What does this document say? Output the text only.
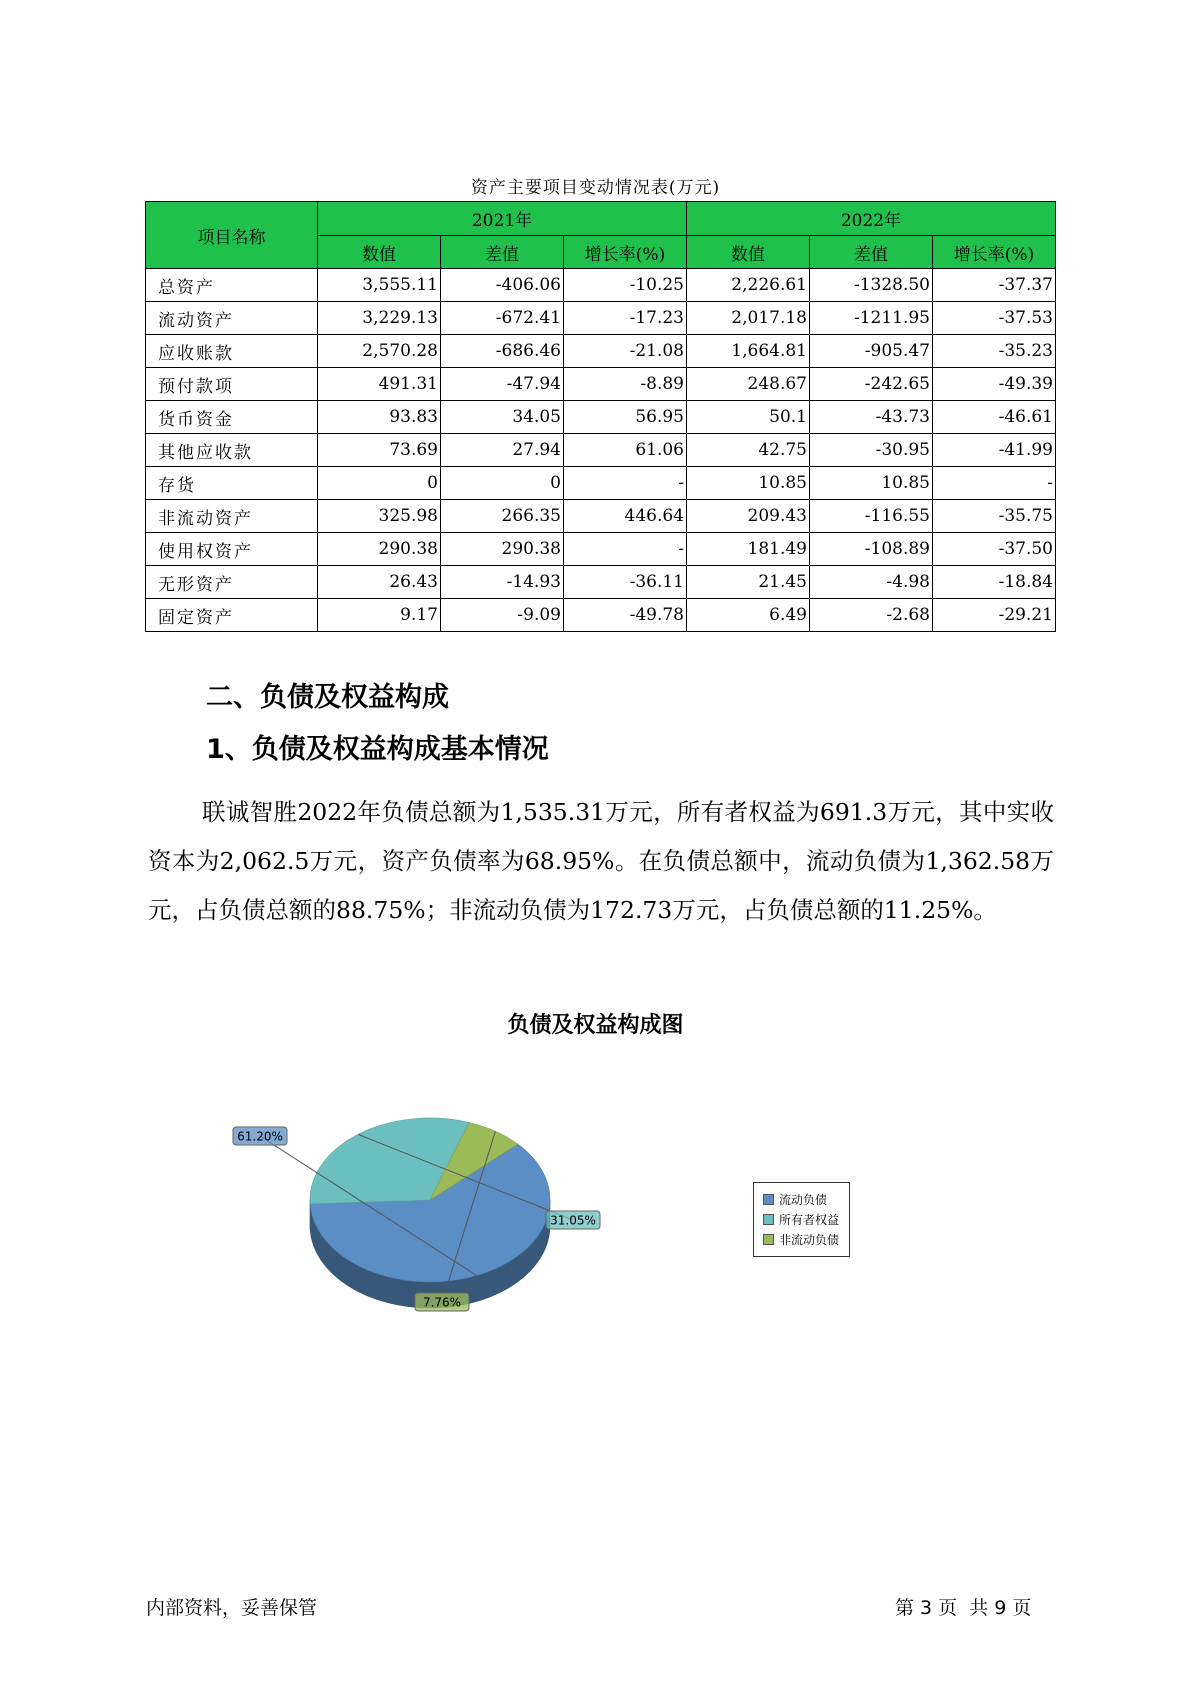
资产主要项目变动情况表(万元)
项目名称	2021年			2022年		
	数值	差值	增长率(%)	数值	差值	增长率(%)
总资产	3,555.11	-406.06	-10.25	2,226.61	-1328.50	-37.37
流动资产	3,229.13	-672.41	-17.23	2,017.18	-1211.95	-37.53
应收账款	2,570.28	-686.46	-21.08	1,664.81	-905.47	-35.23
预付款项	491.31	-47.94	-8.89	248.67	-242.65	-49.39
货币资金	93.83	34.05	56.95	50.1	-43.73	-46.61
其他应收款	73.69	27.94	61.06	42.75	-30.95	-41.99
存货	0	0	-	10.85	10.85	-
非流动资产	325.98	266.35	446.64	209.43	-116.55	-35.75
使用权资产	290.38	290.38	-	181.49	-108.89	-37.50
无形资产	26.43	-14.93	-36.11	21.45	-4.98	-18.84
固定资产	9.17	-9.09	-49.78	6.49	-2.68	-29.21
二、负债及权益构成
1、负债及权益构成基本情况
联诚智胜2022年负债总额为1,535.31万元，所有者权益为691.3万元，其中实收资本为2,062.5万元，资产负债率为68.95%。在负债总额中，流动负债为1,362.58万元，占负债总额的88.75%；非流动负债为172.73万元，占负债总额的11.25%。
负债及权益构成图
61.20%
31.05%
7.76%
流动负债
所有者权益
非流动负债
内部资料，妥善保管	第 3 页  共 9 页
